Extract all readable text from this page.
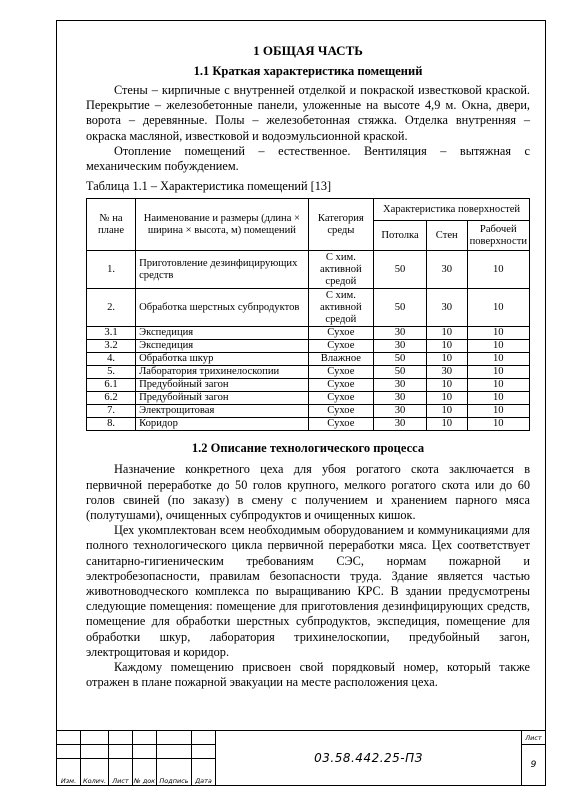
1 ОБЩАЯ ЧАСТЬ
1.1 Краткая характеристика помещений

Стены – кирпичные с внутренней отделкой и покраской известковой краской. Перекрытие – железобетонные панели, уложенные на высоте 4,9 м. Окна, двери, ворота – деревянные. Полы – железобетонная стяжка. Отделка внутренняя – окраска масляной, известковой и водоэмульсионной краской.

Отопление помещений – естественное. Вентиляция – вытяжная с механическим побуждением.

Таблица 1.1 – Характеристика помещений [13]

№ на плане	Наименование и размеры (длина × ширина × высота, м) помещений	Категория среды	Характеристика поверхностей		
			Потолка	Стен	Рабочей поверхности
1.	Приготовление дезинфицирующих средств	С хим. активной средой	50	30	10
2.	Обработка шерстных субпродуктов	С хим. активной средой	50	30	10
3.1	Экспедиция	Сухое	30	10	10
3.2	Экспедиция	Сухое	30	10	10
4.	Обработка шкур	Влажное	50	10	10
5.	Лаборатория трихинелоскопии	Сухое	50	30	10
6.1	Предубойный загон	Сухое	30	10	10
6.2	Предубойный загон	Сухое	30	10	10
7.	Электрощитовая	Сухое	30	10	10
8.	Коридор	Сухое	30	10	10
1.2 Описание технологического процесса

Назначение конкретного цеха для убоя рогатого скота заключается в первичной переработке до 50 голов крупного, мелкого рогатого скота или до 60 голов свиней (по заказу) в смену с получением и хранением парного мяса (полутушами), очищенных субпродуктов и очищенных кишок.

Цех укомплектован всем необходимым оборудованием и коммуникациями для полного технологического цикла первичной переработки мяса. Цех соответствует санитарно-гигиеническим требованиям СЭС, нормам пожарной и электробезопасности, правилам безопасности труда. Здание является частью животноводческого комплекса по выращиванию КРС. В здании предусмотрены следующие помещения: помещение для приготовления дезинфицирующих средств, помещение для обработки шерстных субпродуктов, экспедиция, помещение для обработки шкур, лаборатория трихинелоскопии, предубойный загон, электрощитовая и коридор.

Каждому помещению присвоен свой порядковый номер, который также отражен в плане пожарной эвакуации на месте расположения цеха.

						03.58.442.25-ПЗ	Лист
							9
Изм.	Колич.	Лист	№ док	Подпись	Дата		
